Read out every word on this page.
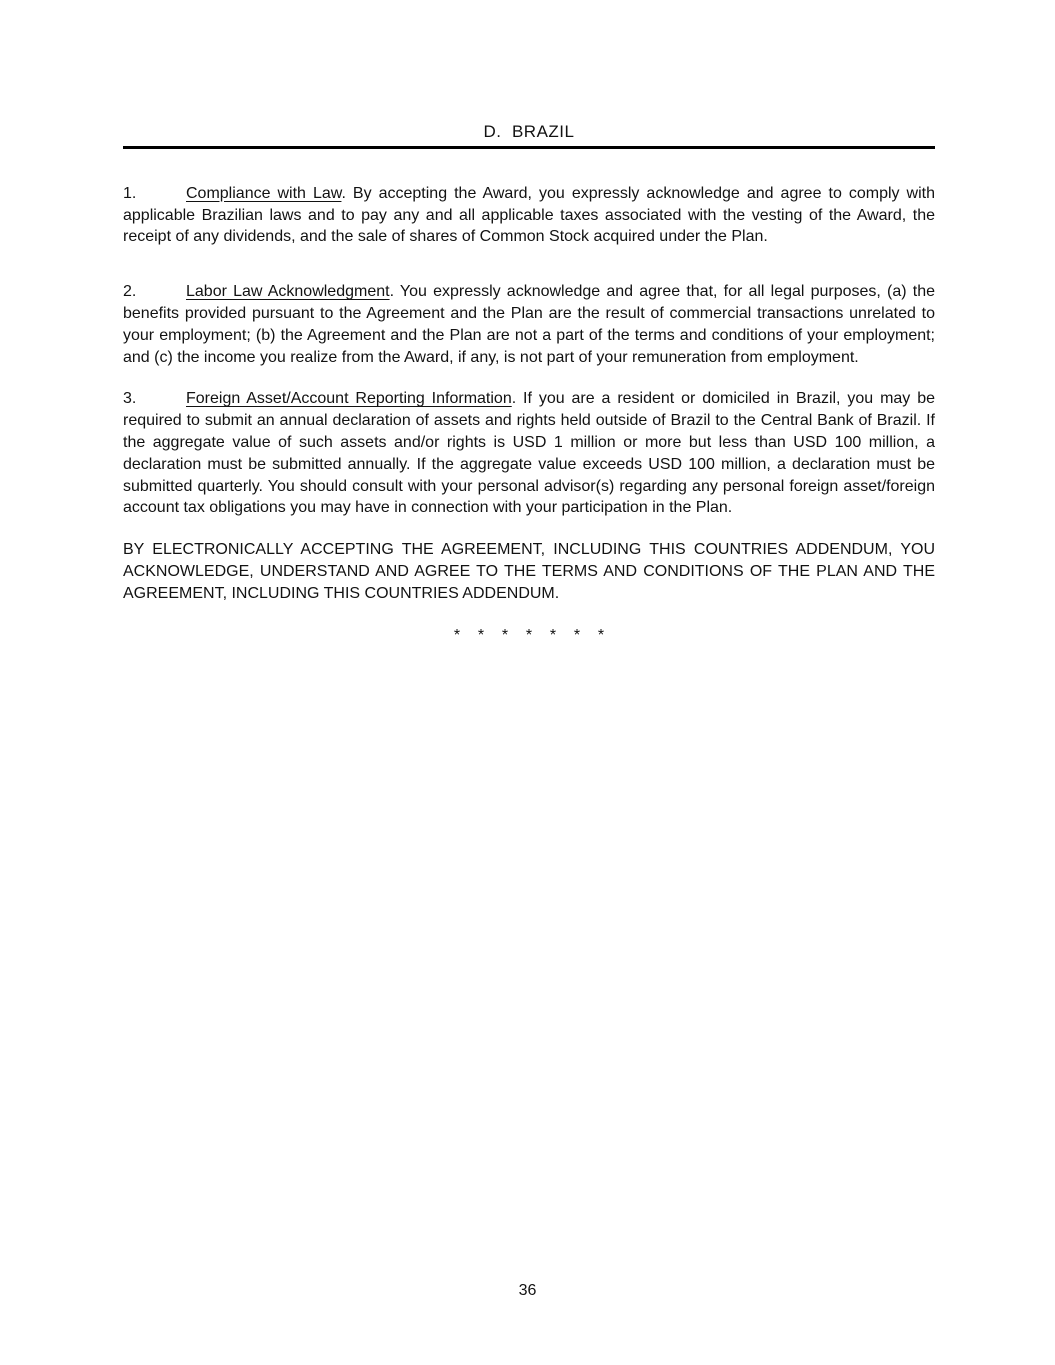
D.  BRAZIL

1.	Compliance with Law. By accepting the Award, you expressly acknowledge and agree to comply with applicable Brazilian laws and to pay any and all applicable taxes associated with the vesting of the Award, the receipt of any dividends, and the sale of shares of Common Stock acquired under the Plan.

2.	Labor Law Acknowledgment. You expressly acknowledge and agree that, for all legal purposes, (a) the benefits provided pursuant to the Agreement and the Plan are the result of commercial transactions unrelated to your employment; (b) the Agreement and the Plan are not a part of the terms and conditions of your employment; and (c) the income you realize from the Award, if any, is not part of your remuneration from employment.

3.	Foreign Asset/Account Reporting Information. If you are a resident or domiciled in Brazil, you may be required to submit an annual declaration of assets and rights held outside of Brazil to the Central Bank of Brazil. If the aggregate value of such assets and/or rights is USD 1 million or more but less than USD 100 million, a declaration must be submitted annually. If the aggregate value exceeds USD 100 million, a declaration must be submitted quarterly. You should consult with your personal advisor(s) regarding any personal foreign asset/foreign account tax obligations you may have in connection with your participation in the Plan.

BY ELECTRONICALLY ACCEPTING THE AGREEMENT, INCLUDING THIS COUNTRIES ADDENDUM, YOU ACKNOWLEDGE, UNDERSTAND AND AGREE TO THE TERMS AND CONDITIONS OF THE PLAN AND THE AGREEMENT, INCLUDING THIS COUNTRIES ADDENDUM.

*    *    *    *    *    *    *

36
